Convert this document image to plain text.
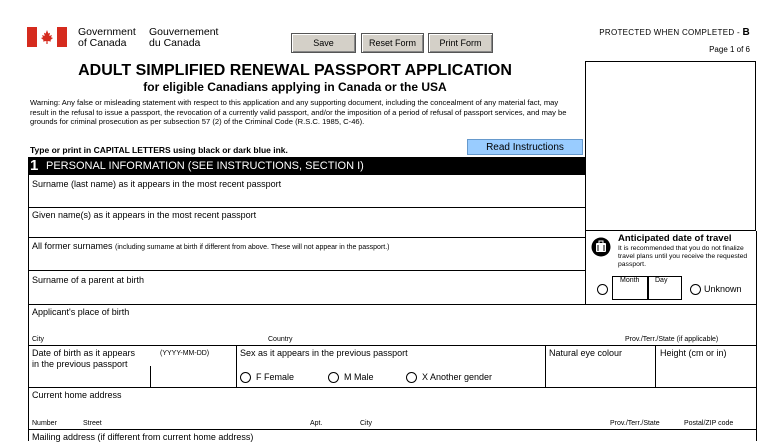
Government
of Canada
Gouvernement
du Canada	Save	Reset Form	Print Form
PROTECTED WHEN COMPLETED - B
Page 1 of 6
ADULT SIMPLIFIED RENEWAL PASSPORT APPLICATION
for eligible Canadians applying in Canada or the USA
Warning: Any false or misleading statement with respect to this application and any supporting document, including the concealment of any material fact, may result in the refusal to issue a passport, the revocation of a currently valid passport, and/or the imposition of a period of refusal of passport services, and may be grounds for criminal prosecution as per subsection 57 (2) of the Criminal Code (R.S.C. 1985, C-46).
Type or print in CAPITAL LETTERS using black or dark blue ink.	Read Instructions
1 PERSONAL INFORMATION (SEE INSTRUCTIONS, SECTION I)
Surname (last name) as it appears in the most recent passport
Given name(s) as it appears in the most recent passport
All former surnames (including surname at birth if different from above. These will not appear in the passport.)
Surname of a parent at birth
Applicant's place of birth
City	Country	Prov./Terr./State (if applicable)
Date of birth as it appears in the previous passport
(YYYY-MM-DD)	Sex as it appears in the previous passport
F Female	M Male	X Another gender
Natural eye colour	Height (cm or in)
Current home address
Number	Street	Apt.	City	Prov./Terr./State	Postal/ZIP code
Mailing address (if different from current home address)
Anticipated date of travel
It is recommended that you do not finalize travel plans until you receive the requested passport.
Month Day
Unknown
